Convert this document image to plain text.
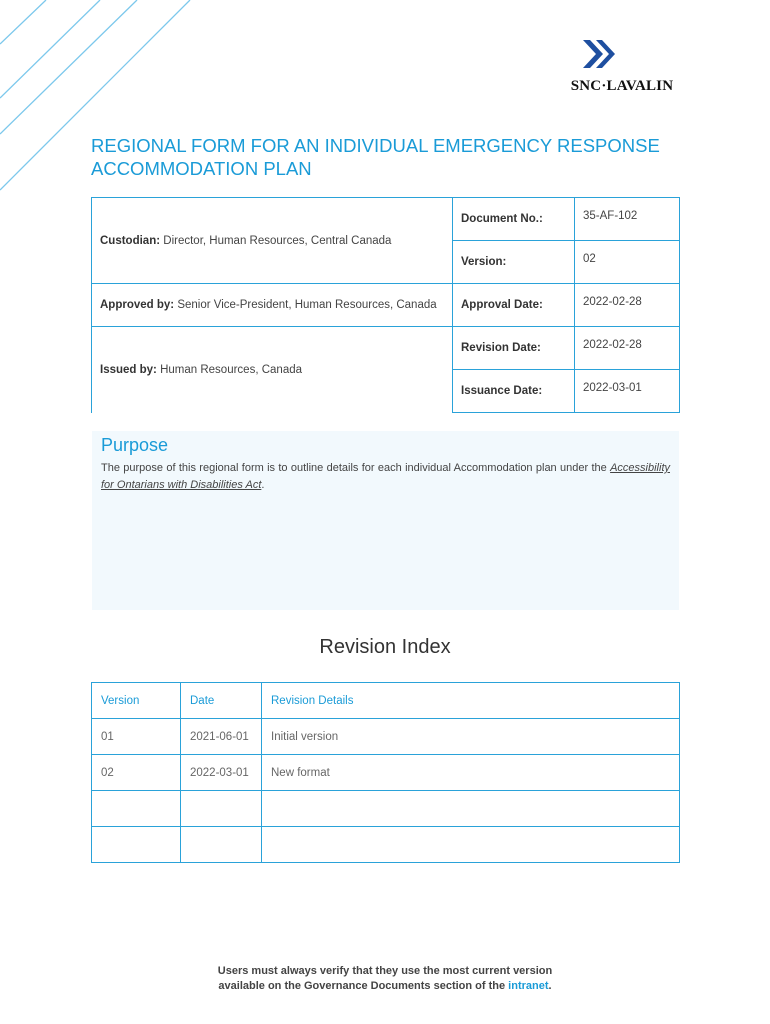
SNC·LAVALIN
REGIONAL FORM FOR AN INDIVIDUAL EMERGENCY RESPONSE ACCOMMODATION PLAN
Custodian: Director, Human Resources, Central Canada	Document No.:	35-AF-102
	Version:	02
Approved by: Senior Vice-President, Human Resources, Canada	Approval Date:	2022-02-28
Issued by: Human Resources, Canada	Revision Date:	2022-02-28
	Issuance Date:	2022-03-01
Purpose

The purpose of this regional form is to outline details for each individual Accommodation plan under the Accessibility for Ontarians with Disabilities Act.

Revision Index
Version	Date	Revision Details
01	2021-06-01	Initial version
02	2022-03-01	New format

Users must always verify that they use the most current version
available on the Governance Documents section of the intranet.
